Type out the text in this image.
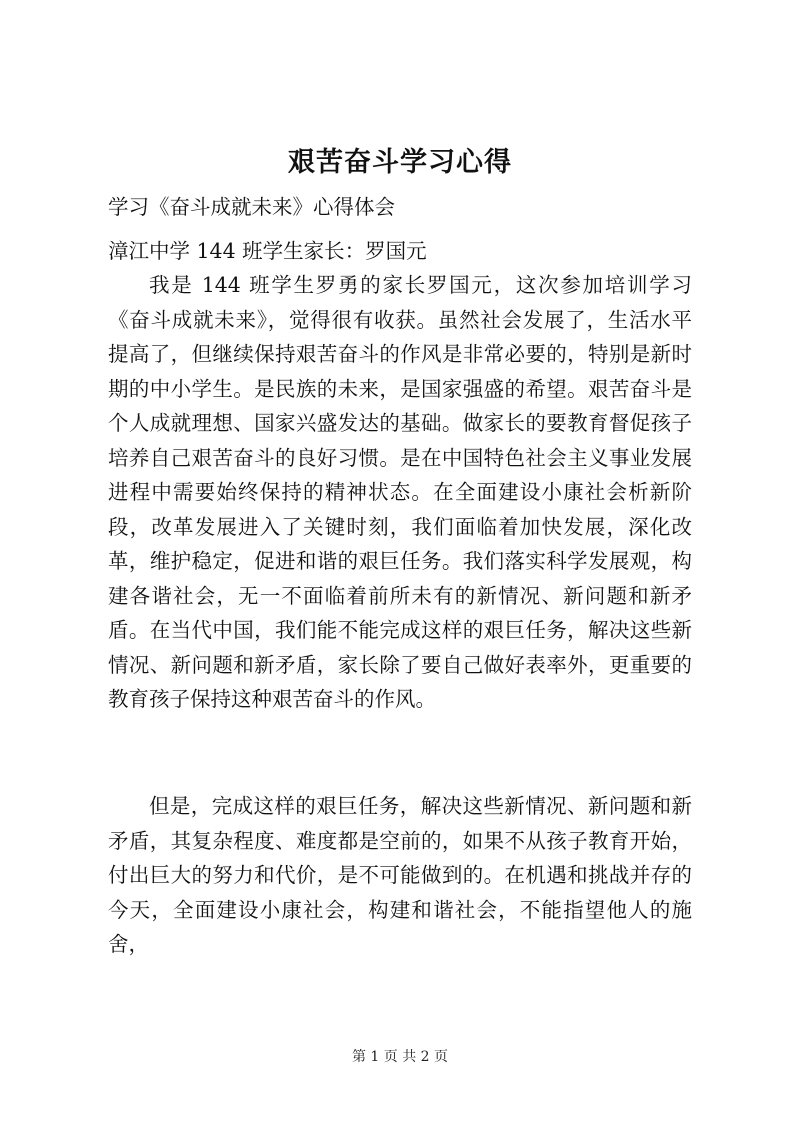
艰苦奋斗学习心得
学习《奋斗成就未来》心得体会
漳江中学 144 班学生家长：罗国元

我是 144 班学生罗勇的家长罗国元，这次参加培训学习《奋斗成就未来》，觉得很有收获。虽然社会发展了，生活水平提高了，但继续保持艰苦奋斗的作风是非常必要的，特别是新时期的中小学生。是民族的未来，是国家强盛的希望。艰苦奋斗是个人成就理想、国家兴盛发达的基础。做家长的要教育督促孩子培养自己艰苦奋斗的良好习惯。是在中国特色社会主义事业发展进程中需要始终保持的精神状态。在全面建设小康社会析新阶段，改革发展进入了关键时刻，我们面临着加快发展，深化改革，维护稳定，促进和谐的艰巨任务。我们落实科学发展观，构建各谐社会，无一不面临着前所未有的新情况、新问题和新矛盾。在当代中国，我们能不能完成这样的艰巨任务，解决这些新情况、新问题和新矛盾，家长除了要自己做好表率外，更重要的教育孩子保持这种艰苦奋斗的作风。

但是，完成这样的艰巨任务，解决这些新情况、新问题和新矛盾，其复杂程度、难度都是空前的，如果不从孩子教育开始，付出巨大的努力和代价，是不可能做到的。在机遇和挑战并存的今天，全面建设小康社会，构建和谐社会，不能指望他人的施舍，

第 1 页 共 2 页
